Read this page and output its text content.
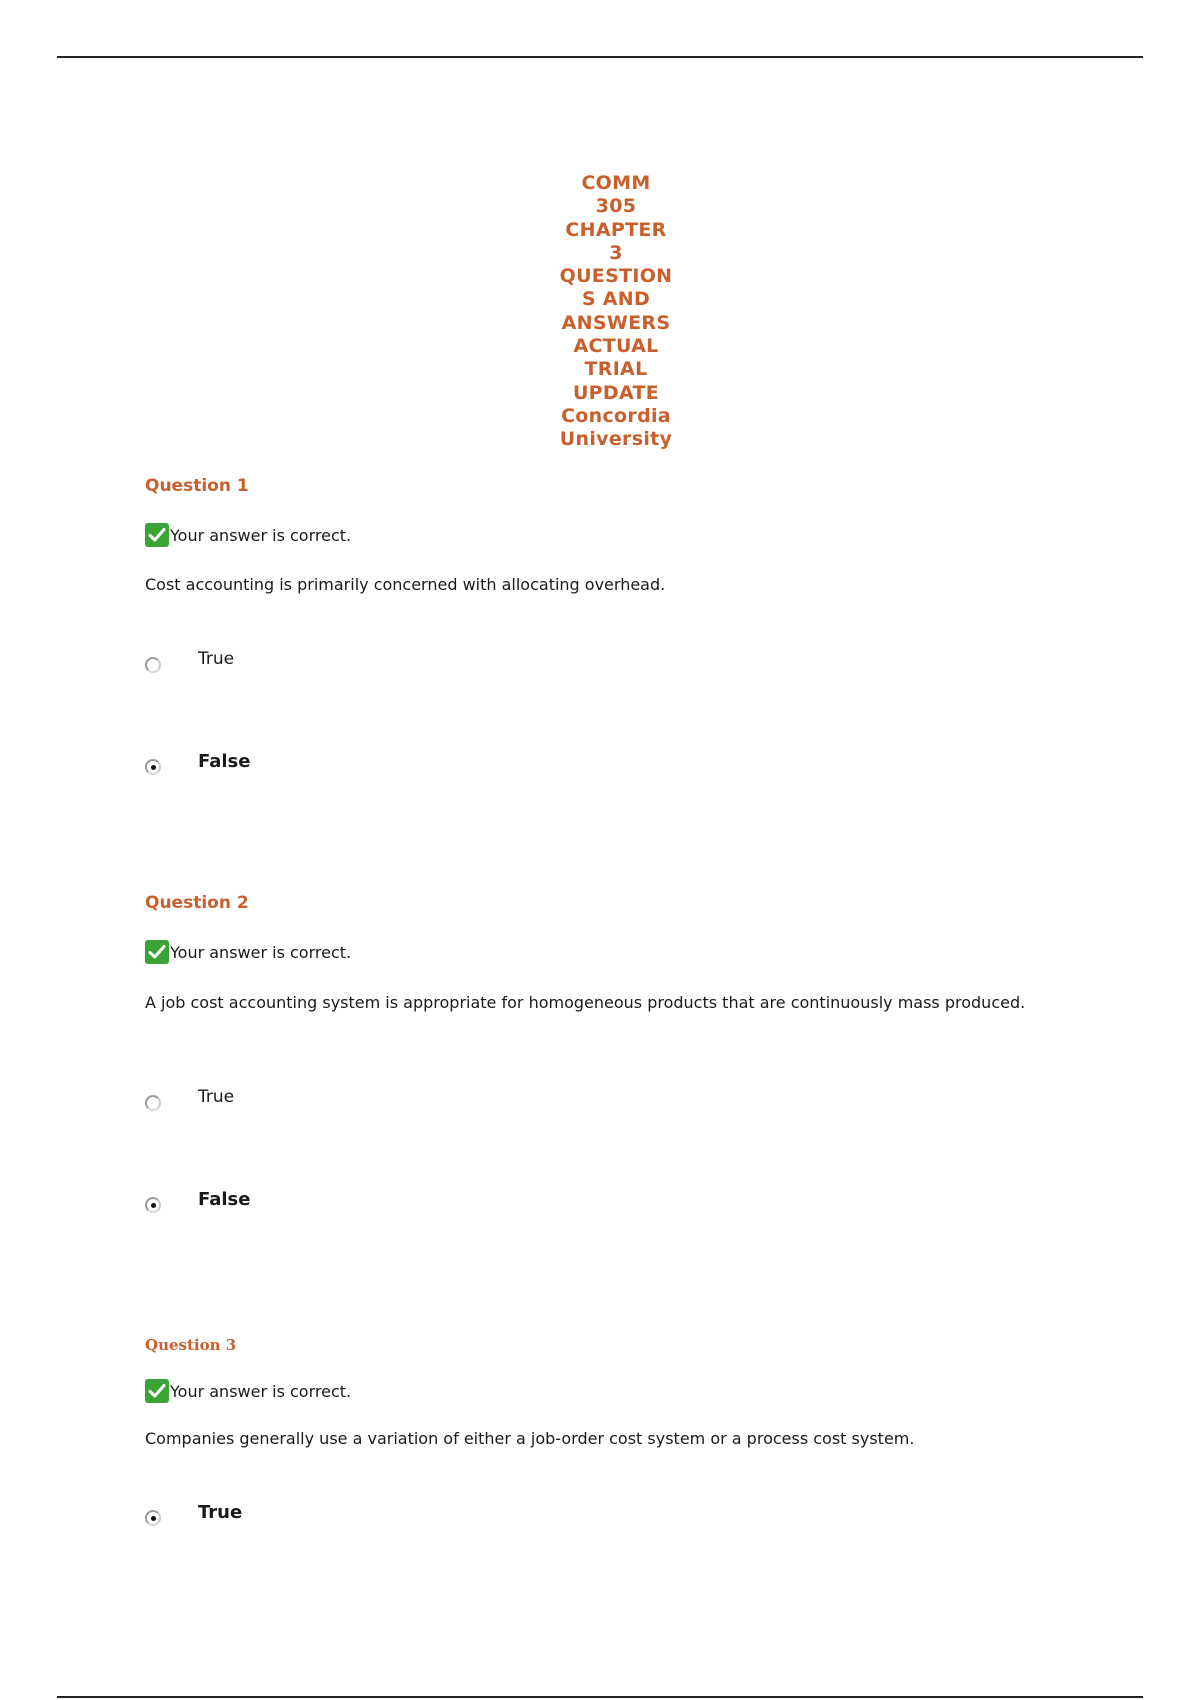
COMM
305
CHAPTER
3
QUESTION
S AND
ANSWERS
ACTUAL
TRIAL
UPDATE
Concordia
University
Question 1
Your answer is correct.

Cost accounting is primarily concerned with allocating overhead.

True
False
Question 2
Your answer is correct.

A job cost accounting system is appropriate for homogeneous products that are continuously mass produced.

True
False
Question 3
Your answer is correct.

Companies generally use a variation of either a job-order cost system or a process cost system.

True
